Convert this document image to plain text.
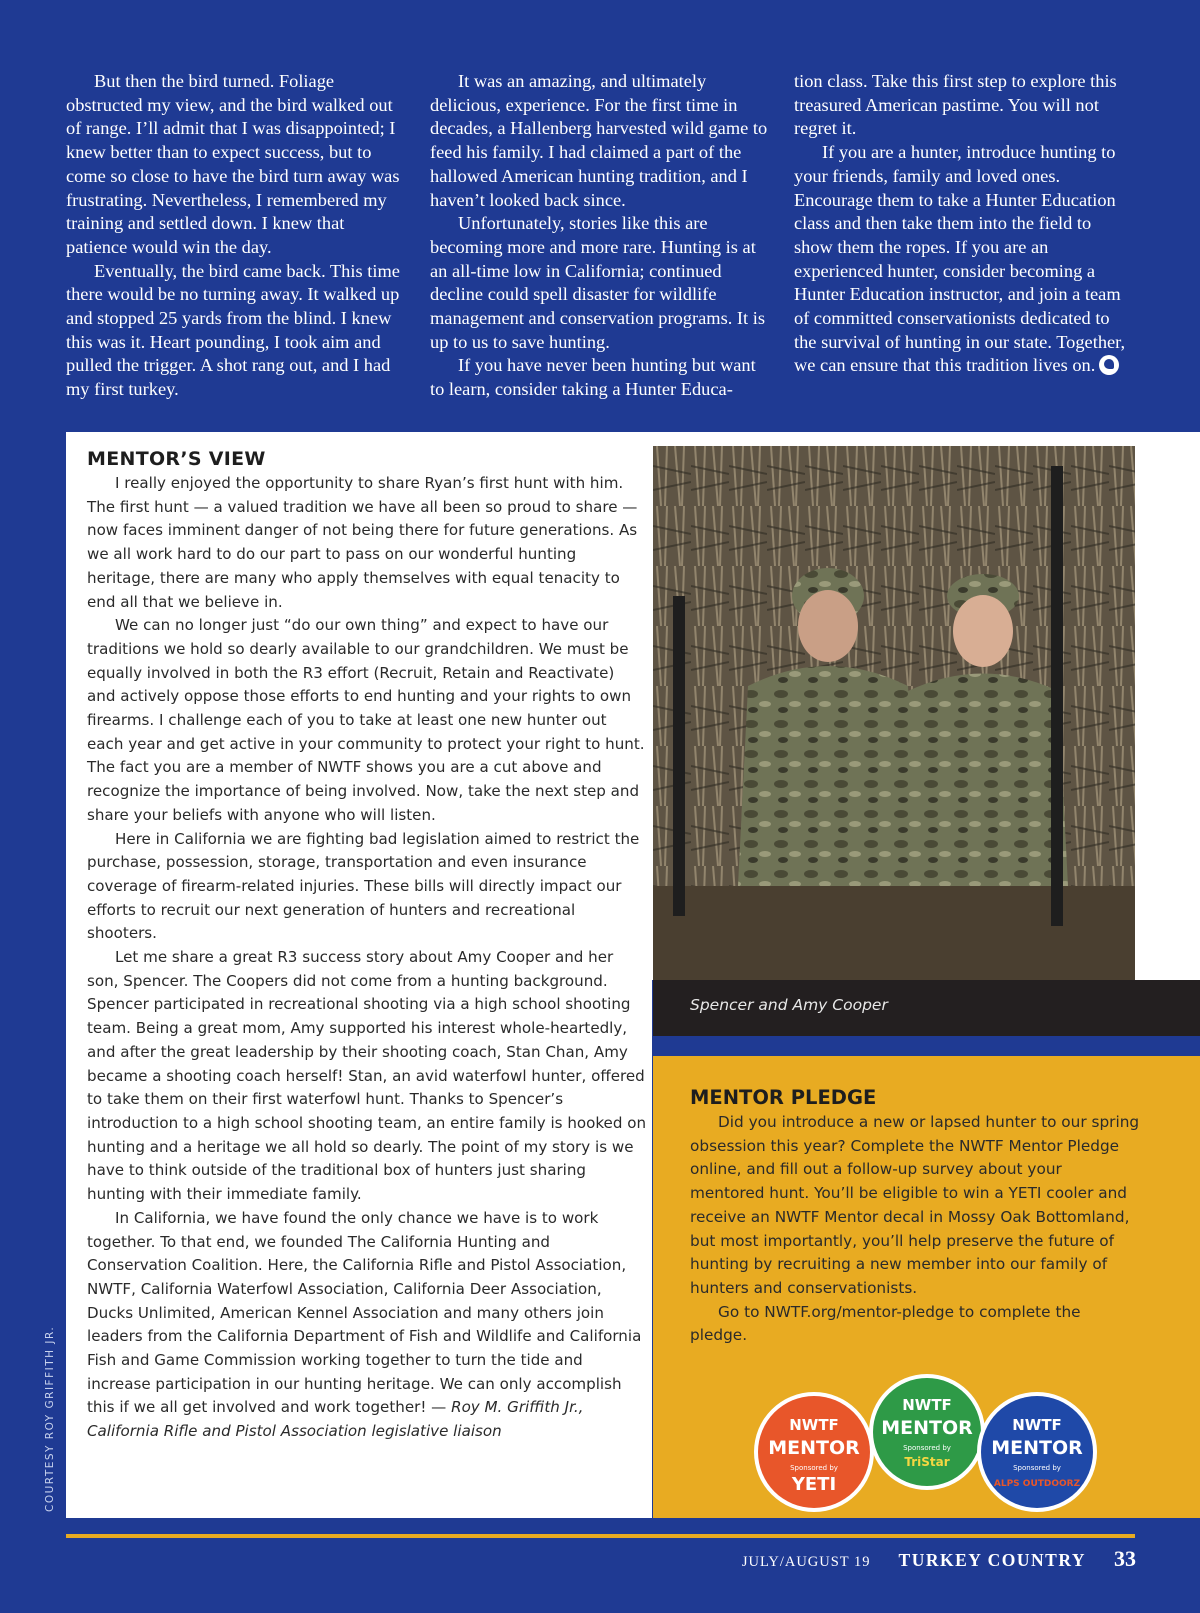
But then the bird turned. Foliage obstructed my view, and the bird walked out of range. I’ll admit that I was disappointed; I knew better than to expect success, but to come so close to have the bird turn away was frustrating. Nevertheless, I remembered my training and settled down. I knew that patience would win the day.

Eventually, the bird came back. This time there would be no turning away. It walked up and stopped 25 yards from the blind. I knew this was it. Heart pounding, I took aim and pulled the trigger. A shot rang out, and I had my first turkey.

It was an amazing, and ultimately delicious, experience. For the first time in decades, a Hallenberg harvested wild game to feed his family. I had claimed a part of the hallowed American hunting tradition, and I haven’t looked back since.

Unfortunately, stories like this are becoming more and more rare. Hunting is at an all-time low in California; continued decline could spell disaster for wildlife management and conservation programs. It is up to us to save hunting.

If you have never been hunting but want to learn, consider taking a Hunter Educa-

tion class. Take this first step to explore this treasured American pastime. You will not regret it.

If you are a hunter, introduce hunting to your friends, family and loved ones. Encourage them to take a Hunter Education class and then take them into the field to show them the ropes. If you are an experienced hunter, consider becoming a Hunter Education instructor, and join a team of committed conservationists dedicated to the survival of hunting in our state. Together, we can ensure that this tradition lives on.

MENTOR’S VIEW

I really enjoyed the opportunity to share Ryan’s first hunt with him. The first hunt — a valued tradition we have all been so proud to share — now faces imminent danger of not being there for future generations. As we all work hard to do our part to pass on our wonderful hunting heritage, there are many who apply themselves with equal tenacity to end all that we believe in.

We can no longer just “do our own thing” and expect to have our traditions we hold so dearly available to our grandchildren. We must be equally involved in both the R3 effort (Recruit, Retain and Reactivate) and actively oppose those efforts to end hunting and your rights to own firearms. I challenge each of you to take at least one new hunter out each year and get active in your community to protect your right to hunt. The fact you are a member of NWTF shows you are a cut above and recognize the importance of being involved. Now, take the next step and share your beliefs with anyone who will listen.

Here in California we are fighting bad legislation aimed to restrict the purchase, possession, storage, transportation and even insurance coverage of firearm-related injuries. These bills will directly impact our efforts to recruit our next generation of hunters and recreational shooters.

Let me share a great R3 success story about Amy Cooper and her son, Spencer. The Coopers did not come from a hunting background. Spencer participated in recreational shooting via a high school shooting team. Being a great mom, Amy supported his interest whole-heartedly, and after the great leadership by their shooting coach, Stan Chan, Amy became a shooting coach herself! Stan, an avid waterfowl hunter, offered to take them on their first waterfowl hunt. Thanks to Spencer’s introduction to a high school shooting team, an entire family is hooked on hunting and a heritage we all hold so dearly. The point of my story is we have to think outside of the traditional box of hunters just sharing hunting with their immediate family.

In California, we have found the only chance we have is to work together. To that end, we founded The California Hunting and Conservation Coalition. Here, the California Rifle and Pistol Association, NWTF, California Waterfowl Association, California Deer Association, Ducks Unlimited, American Kennel Association and many others join leaders from the California Department of Fish and Wildlife and California Fish and Game Commission working together to turn the tide and increase participation in our hunting heritage. We can only accomplish this if we all get involved and work together! — Roy M. Griffith Jr., California Rifle and Pistol Association legislative liaison

Spencer and Amy Cooper
MENTOR PLEDGE

Did you introduce a new or lapsed hunter to our spring obsession this year? Complete the NWTF Mentor Pledge online, and fill out a follow-up survey about your mentored hunt. You’ll be eligible to win a YETI cooler and receive an NWTF Mentor decal in Mossy Oak Bottomland, but most importantly, you’ll help preserve the future of hunting by recruiting a new member into our family of hunters and conservationists.

Go to NWTF.org/mentor-pledge to complete the pledge.

NWTF
MENTOR
Sponsored by
YETI
NWTF
MENTOR
Sponsored by
TriStar
NWTF
MENTOR
Sponsored by
ALPS OUTDOORZ
COURTESY ROY GRIFFITH JR.
JULY/AUGUST 19 TURKEY COUNTRY 33
